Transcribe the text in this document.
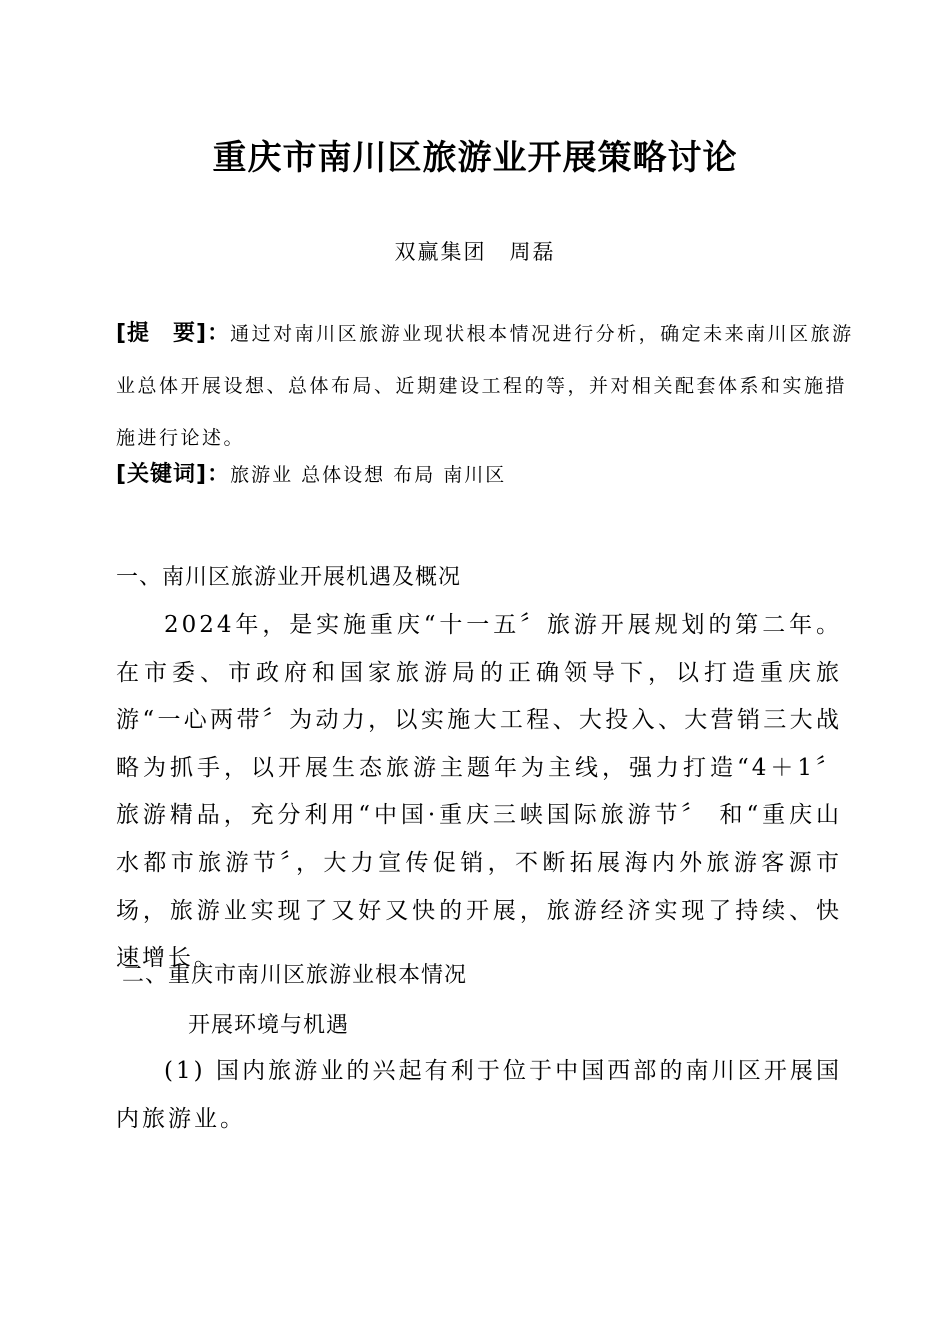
重庆市南川区旅游业开展策略讨论
双赢集团　周磊
[提　要]：通过对南川区旅游业现状根本情况进行分析，确定未来南川区旅游业总体开展设想、总体布局、近期建设工程的等，并对相关配套体系和实施措施进行论述。
[关键词]：旅游业 总体设想 布局 南川区
一、南川区旅游业开展机遇及概况
2024年，是实施重庆“十一五〞旅游开展规划的第二年。在市委、市政府和国家旅游局的正确领导下，以打造重庆旅游“一心两带〞为动力，以实施大工程、大投入、大营销三大战略为抓手，以开展生态旅游主题年为主线，强力打造“4＋1〞旅游精品，充分利用“中国·重庆三峡国际旅游节〞 和“重庆山水都市旅游节〞，大力宣传促销，不断拓展海内外旅游客源市场，旅游业实现了又好又快的开展，旅游经济实现了持续、快速增长。
二、重庆市南川区旅游业根本情况
开展环境与机遇
(1) 国内旅游业的兴起有利于位于中国西部的南川区开展国内旅游业。
